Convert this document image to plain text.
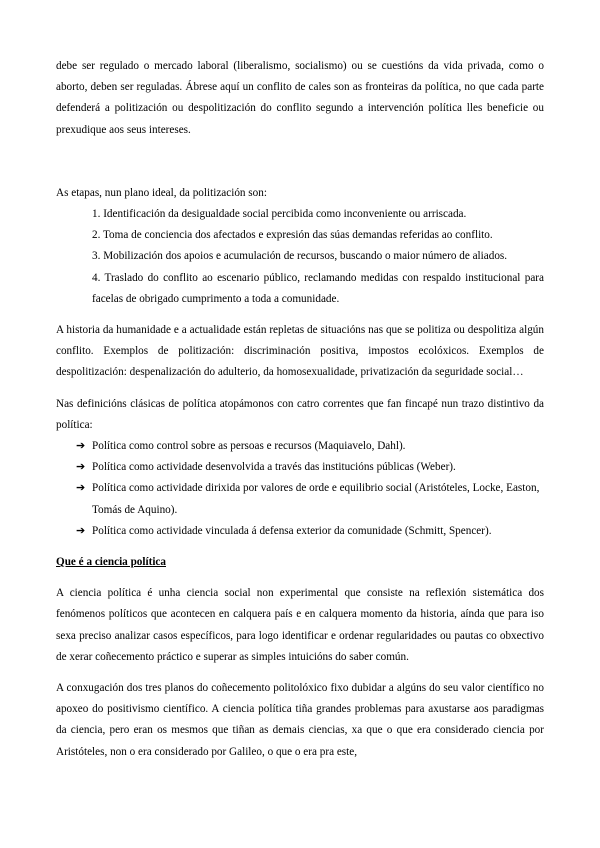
debe ser regulado o mercado laboral (liberalismo, socialismo) ou se cuestións da vida privada, como o aborto, deben ser reguladas. Ábrese aquí un conflito de cales son as fronteiras da política, no que cada parte defenderá a politización ou despolitización do conflito segundo a intervención política lles beneficie ou prexudique aos seus intereses.

As etapas, nun plano ideal, da politización son:

1. Identificación da desigualdade social percibida como inconveniente ou arriscada.
2. Toma de conciencia dos afectados e expresión das súas demandas referidas ao conflito.
3. Mobilización dos apoios e acumulación de recursos, buscando o maior número de aliados.
4. Traslado do conflito ao escenario público, reclamando medidas con respaldo institucional para facelas de obrigado cumprimento a toda a comunidade.

A historia da humanidade e a actualidade están repletas de situacións nas que se politiza ou despolitiza algún conflito. Exemplos de politización: discriminación positiva, impostos ecolóxicos. Exemplos de despolitización: despenalización do adulterio, da homosexualidade, privatización da seguridade social…

Nas definicións clásicas de política atopámonos con catro correntes que fan fincapé nun trazo distintivo da política:

➔ Política como control sobre as persoas e recursos (Maquiavelo, Dahl).
➔ Política como actividade desenvolvida a través das institucións públicas (Weber).
➔ Política como actividade dirixida por valores de orde e equilibrio social (Aristóteles, Locke, Easton, Tomás de Aquino).
➔ Política como actividade vinculada á defensa exterior da comunidade (Schmitt, Spencer).
Que é a ciencia política

A ciencia política é unha ciencia social non experimental que consiste na reflexión sistemática dos fenómenos políticos que acontecen en calquera país e en calquera momento da historia, aínda que para iso sexa preciso analizar casos específicos, para logo identificar e ordenar regularidades ou pautas co obxectivo de xerar coñecemento práctico e superar as simples intuicións do saber común.

A conxugación dos tres planos do coñecemento politolóxico fixo dubidar a algúns do seu valor científico no apoxeo do positivismo científico. A ciencia política tiña grandes problemas para axustarse aos paradigmas da ciencia, pero eran os mesmos que tiñan as demais ciencias, xa que o que era considerado ciencia por Aristóteles, non o era considerado por Galileo, o que o era pra este,
